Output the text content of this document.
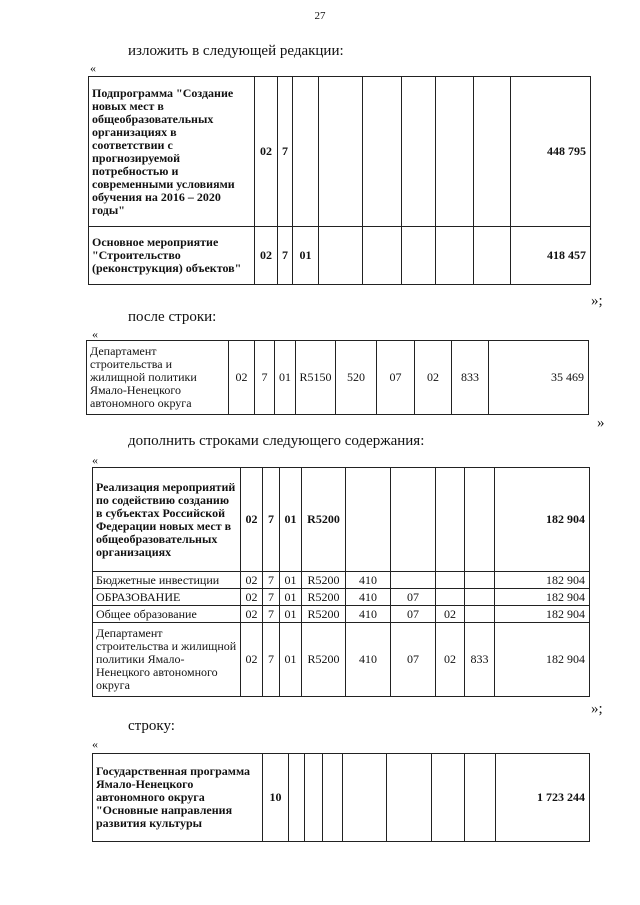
27
изложить в следующей редакции:
«
Подпрограмма "Создание новых мест в общеобразовательных организациях в соответствии с прогнозируемой потребностью и современными условиями обучения на 2016 – 2020 годы"	02	7							448 795
Основное мероприятие "Строительство (реконструкция) объектов"	02	7	01						418 457
»;
после строки:
«
Департамент строительства и жилищной политики Ямало-Ненецкого автономного округа	02	7	01	R5150	520	07	02	833	35 469
»
дополнить строками следующего содержания:
«
Реализация мероприятий по содействию созданию в субъектах Российской Федерации новых мест в общеобразовательных организациях	02	7	01	R5200					182 904
Бюджетные инвестиции	02	7	01	R5200	410				182 904
ОБРАЗОВАНИЕ	02	7	01	R5200	410	07			182 904
Общее образование	02	7	01	R5200	410	07	02		182 904
Департамент строительства и жилищной политики Ямало-Ненецкого автономного округа	02	7	01	R5200	410	07	02	833	182 904
»;
строку:
«
Государственная программа Ямало-Ненецкого автономного округа "Основные направления развития культуры	10								1 723 244
